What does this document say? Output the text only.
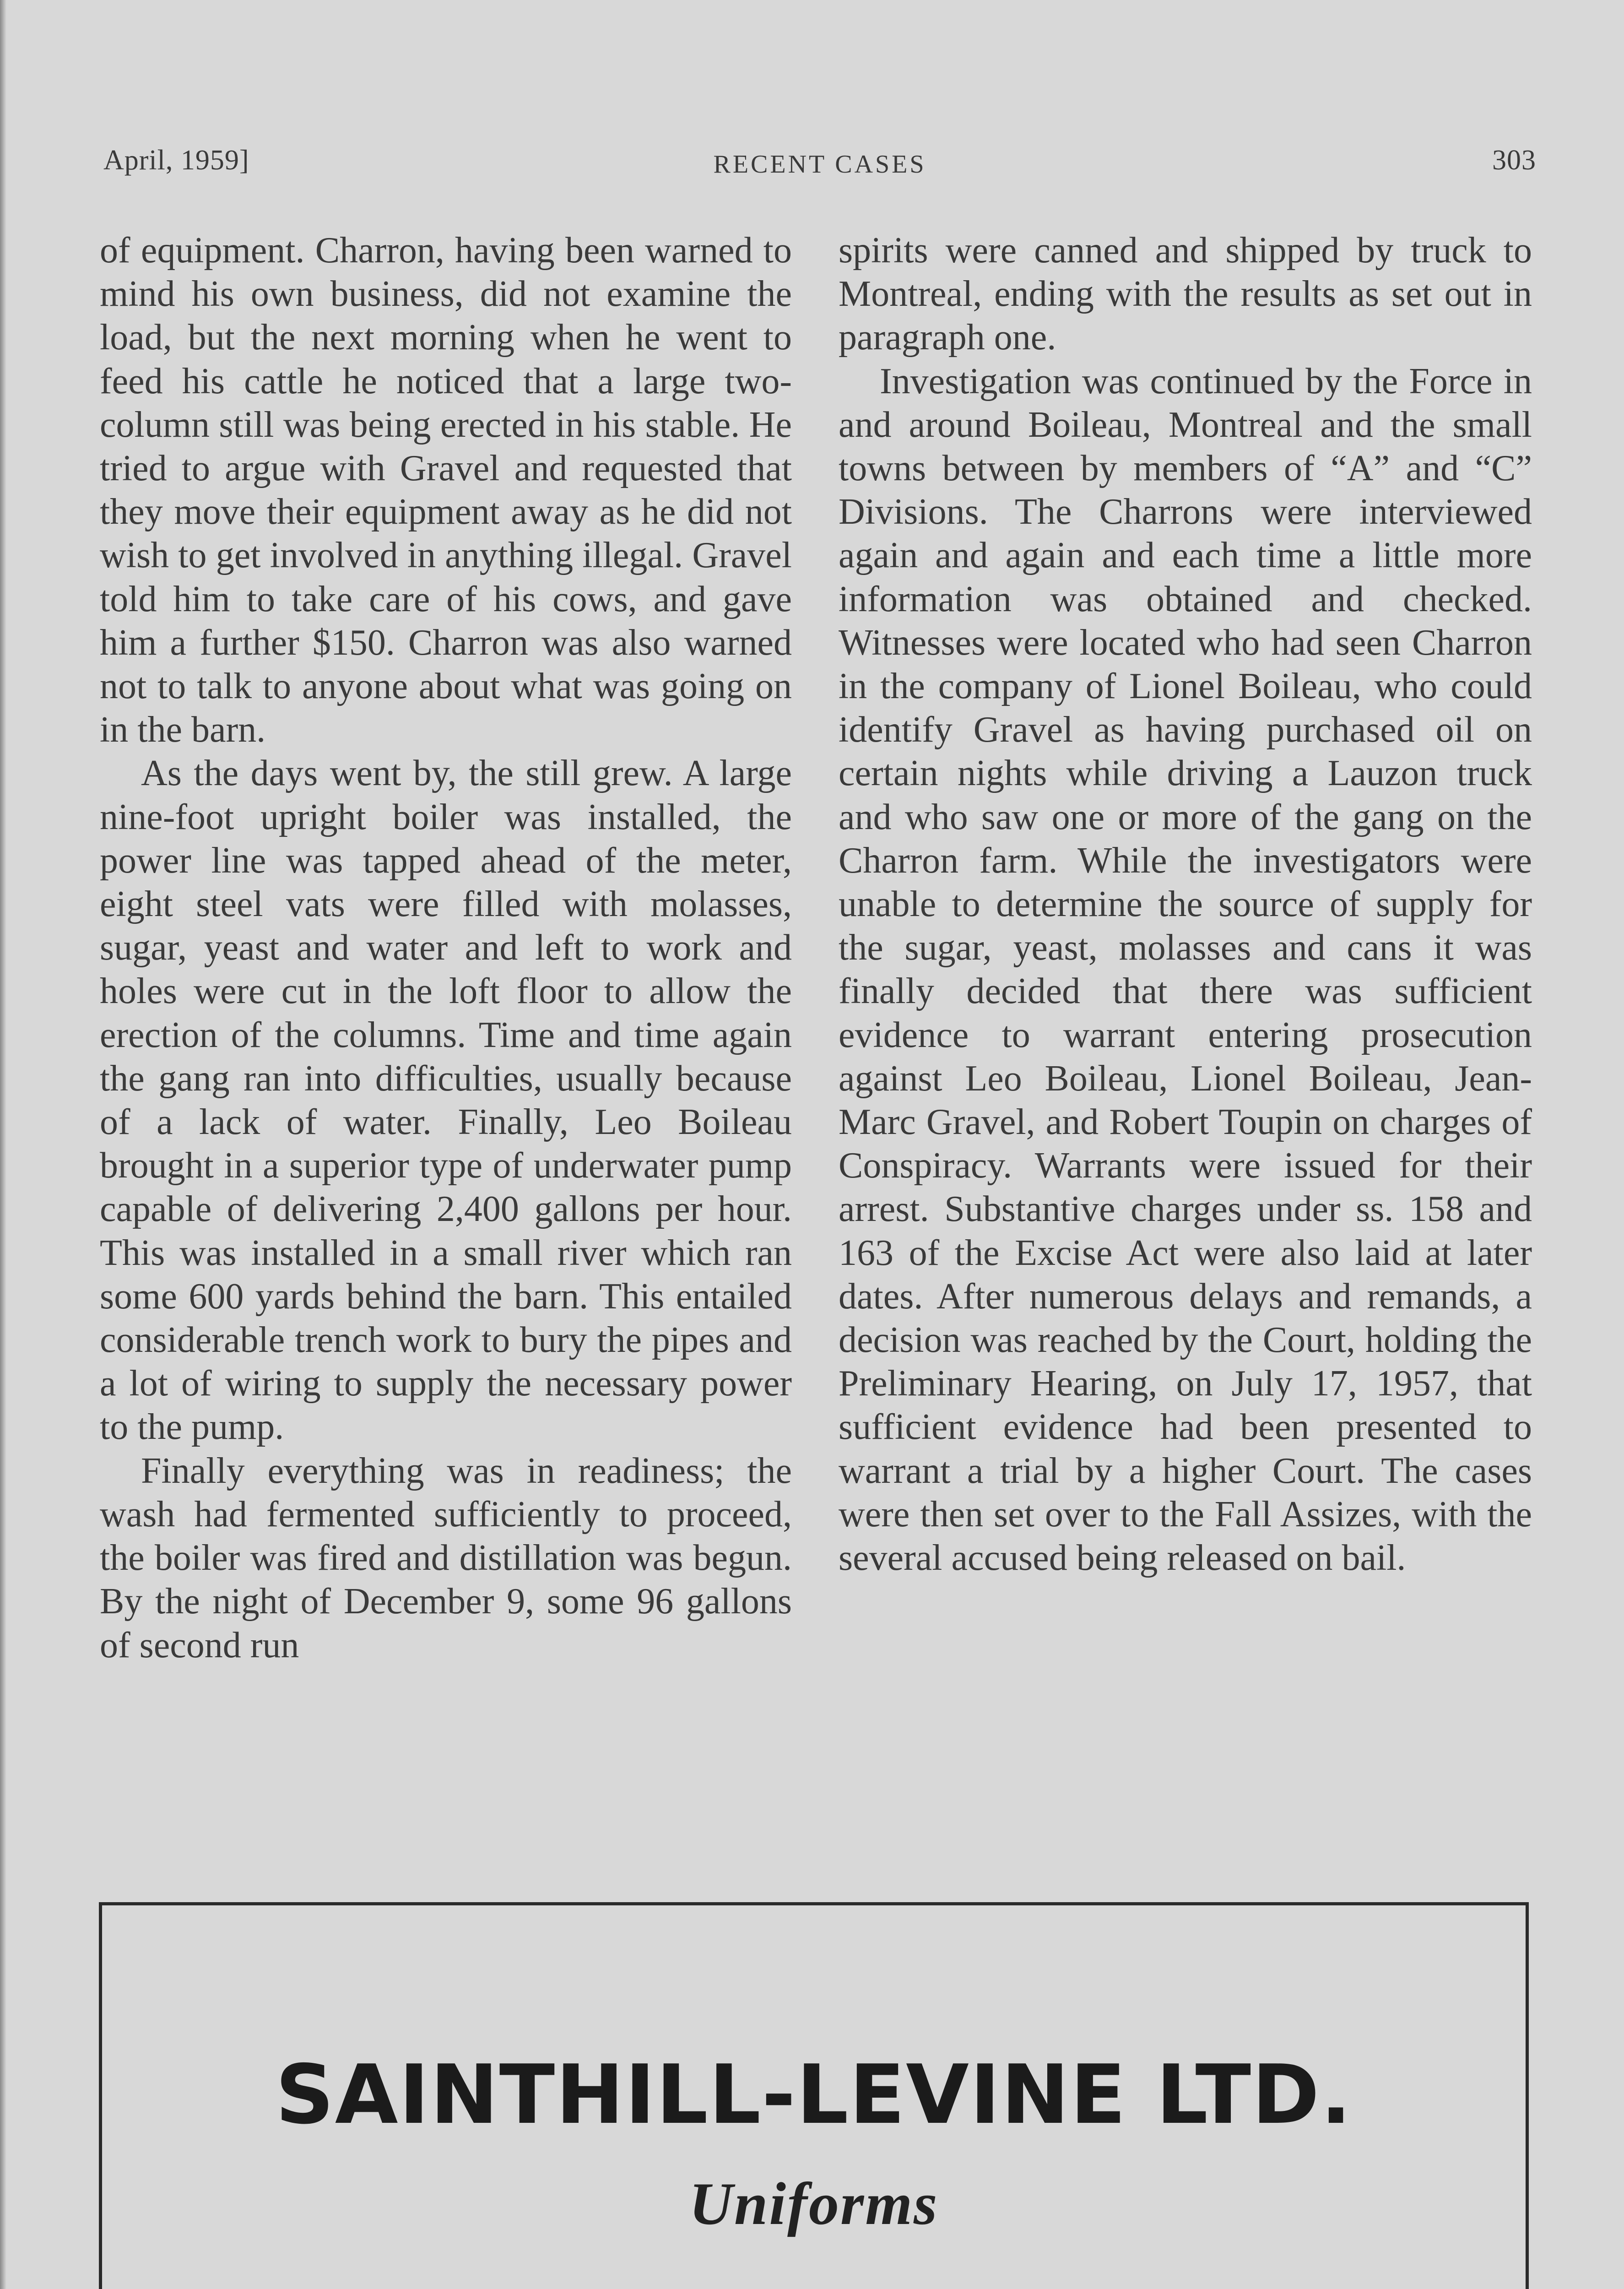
April, 1959]	RECENT CASES	303

of equipment. Charron, having been warned to mind his own business, did not examine the load, but the next morning when he went to feed his cattle he noticed that a large two-column still was being erected in his stable. He tried to argue with Gravel and requested that they move their equipment away as he did not wish to get involved in anything illegal. Gravel told him to take care of his cows, and gave him a further $150. Charron was also warned not to talk to anyone about what was going on in the barn.

As the days went by, the still grew. A large nine-foot upright boiler was installed, the power line was tapped ahead of the meter, eight steel vats were filled with molasses, sugar, yeast and water and left to work and holes were cut in the loft floor to allow the erection of the columns. Time and time again the gang ran into difficulties, usually because of a lack of water. Finally, Leo Boileau brought in a superior type of underwater pump capable of delivering 2,400 gallons per hour. This was installed in a small river which ran some 600 yards behind the barn. This entailed considerable trench work to bury the pipes and a lot of wiring to supply the necessary power to the pump.

Finally everything was in readiness; the wash had fermented sufficiently to proceed, the boiler was fired and distillation was begun. By the night of December 9, some 96 gallons of second run

spirits were canned and shipped by truck to Montreal, ending with the results as set out in paragraph one.

Investigation was continued by the Force in and around Boileau, Montreal and the small towns between by members of “A” and “C” Divisions. The Charrons were interviewed again and again and each time a little more information was obtained and checked. Witnesses were located who had seen Charron in the company of Lionel Boileau, who could identify Gravel as having purchased oil on certain nights while driving a Lauzon truck and who saw one or more of the gang on the Charron farm. While the investigators were unable to determine the source of supply for the sugar, yeast, molasses and cans it was finally decided that there was sufficient evidence to warrant entering prosecution against Leo Boileau, Lionel Boileau, Jean-Marc Gravel, and Robert Toupin on charges of Conspiracy. Warrants were issued for their arrest. Substantive charges under ss. 158 and 163 of the Excise Act were also laid at later dates. After numerous delays and remands, a decision was reached by the Court, holding the Preliminary Hearing, on July 17, 1957, that sufficient evidence had been presented to warrant a trial by a higher Court. The cases were then set over to the Fall Assizes, with the several accused being released on bail.

SAINTHILL-LEVINE LTD.
Uniforms
